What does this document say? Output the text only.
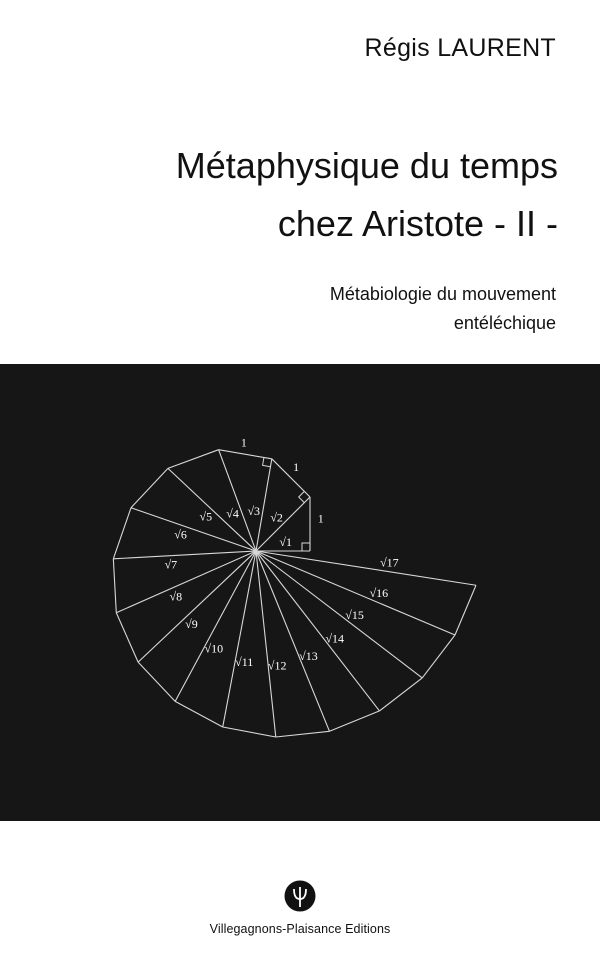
Régis LAURENT
Métaphysique du temps
chez Aristote - II -
Métabiologie du mouvement
entéléchique
1
1
1
√1
√2
√3
√4
√5
√6
√7
√8
√9
√10
√11 √12
√13
√14
√15
√16
√17
Villegagnons-Plaisance Editions
